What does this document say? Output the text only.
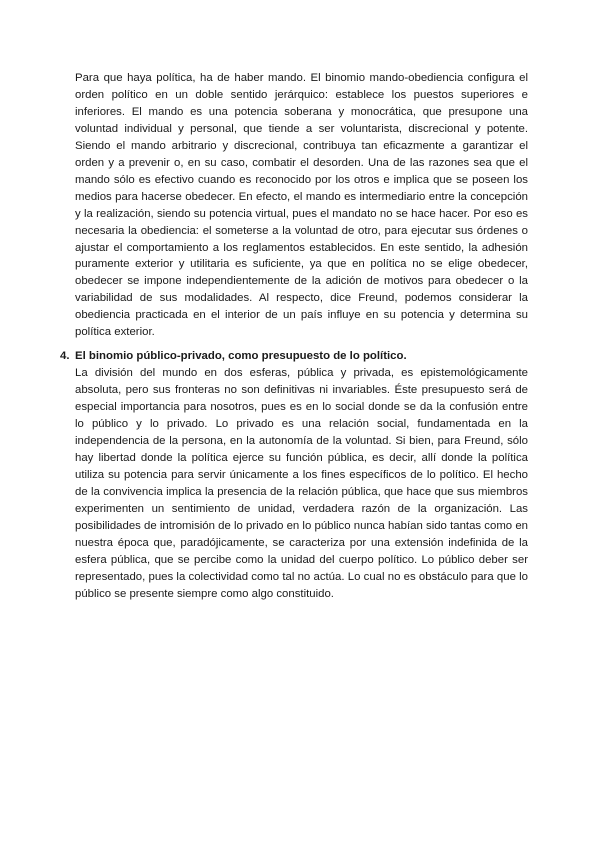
Para que haya política, ha de haber mando. El binomio mando-obediencia configura el orden político en un doble sentido jerárquico: establece los puestos superiores e inferiores. El mando es una potencia soberana y monocrática, que presupone una voluntad individual y personal, que tiende a ser voluntarista, discrecional y potente. Siendo el mando arbitrario y discrecional, contribuya tan eficazmente a garantizar el orden y a prevenir o, en su caso, combatir el desorden. Una de las razones sea que el mando sólo es efectivo cuando es reconocido por los otros e implica que se poseen los medios para hacerse obedecer. En efecto, el mando es intermediario entre la concepción y la realización, siendo su potencia virtual, pues el mandato no se hace hacer. Por eso es necesaria la obediencia: el someterse a la voluntad de otro, para ejecutar sus órdenes o ajustar el comportamiento a los reglamentos establecidos. En este sentido, la adhesión puramente exterior y utilitaria es suficiente, ya que en política no se elige obedecer, obedecer se impone independientemente de la adición de motivos para obedecer o la variabilidad de sus modalidades. Al respecto, dice Freund, podemos considerar la obediencia practicada en el interior de un país influye en su potencia y determina su política exterior.

4. El binomio público-privado, como presupuesto de lo político.

La división del mundo en dos esferas, pública y privada, es epistemológicamente absoluta, pero sus fronteras no son definitivas ni invariables. Éste presupuesto será de especial importancia para nosotros, pues es en lo social donde se da la confusión entre lo público y lo privado. Lo privado es una relación social, fundamentada en la independencia de la persona, en la autonomía de la voluntad. Si bien, para Freund, sólo hay libertad donde la política ejerce su función pública, es decir, allí donde la política utiliza su potencia para servir únicamente a los fines específicos de lo político. El hecho de la convivencia implica la presencia de la relación pública, que hace que sus miembros experimenten un sentimiento de unidad, verdadera razón de la organización. Las posibilidades de intromisión de lo privado en lo público nunca habían sido tantas como en nuestra época que, paradójicamente, se caracteriza por una extensión indefinida de la esfera pública, que se percibe como la unidad del cuerpo político. Lo público deber ser representado, pues la colectividad como tal no actúa. Lo cual no es obstáculo para que lo público se presente siempre como algo constituido.
